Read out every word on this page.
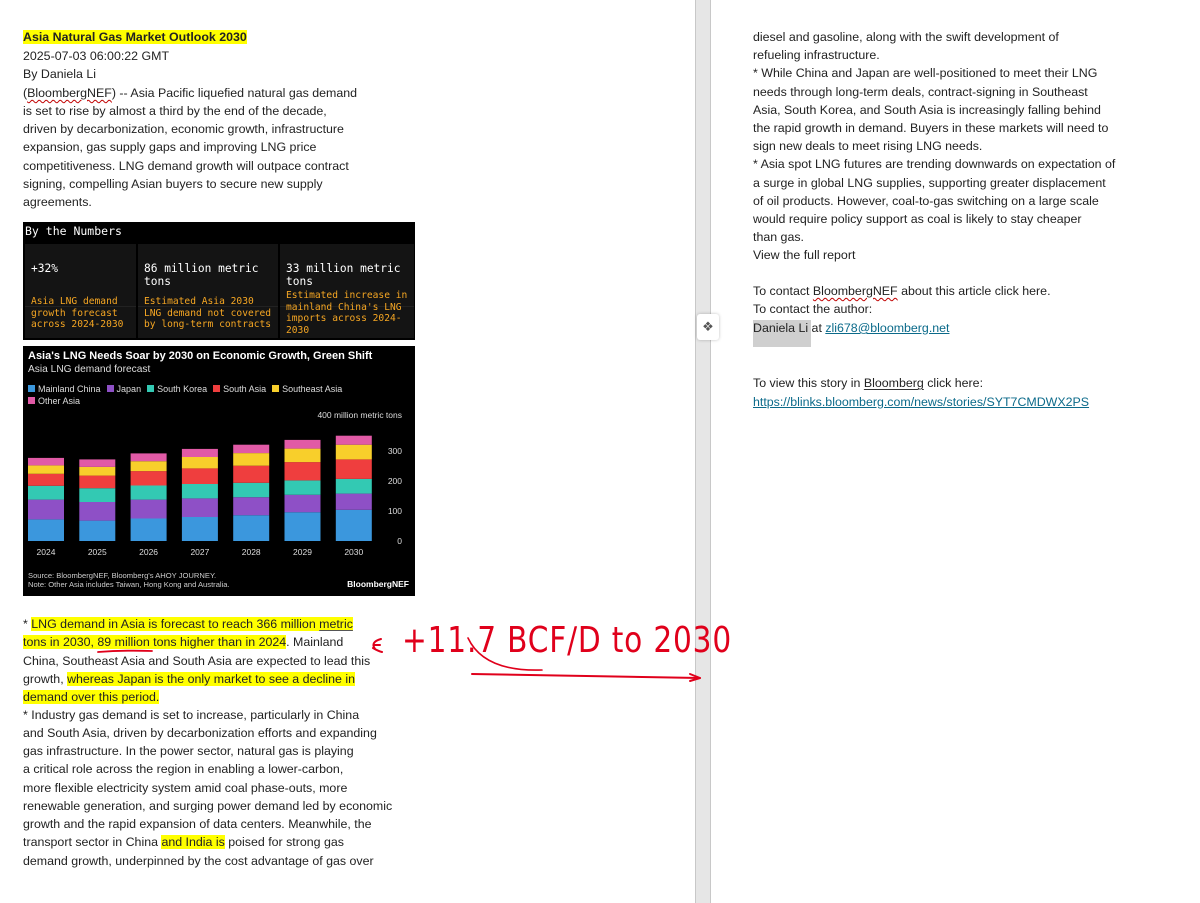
❖
Asia Natural Gas Market Outlook 2030
2025-07-03 06:00:22 GMT
By Daniela Li
(BloombergNEF) -- Asia Pacific liquefied natural gas demand
is set to rise by almost a third by the end of the decade,
driven by decarbonization, economic growth, infrastructure
expansion, gas supply gaps and improving LNG price
competitiveness. LNG demand growth will outpace contract
signing, compelling Asian buyers to secure new supply
agreements.
By the Numbers
+32%
Asia LNG demand growth forecast across 2024-2030
86 million metric tons
Estimated Asia 2030 LNG demand not covered by long-term contracts
33 million metric tons
Estimated increase in mainland China's LNG imports across 2024-2030
Asia's LNG Needs Soar by 2030 on Economic Growth, Green Shift
Asia LNG demand forecast
Mainland China Japan South Korea South Asia Southeast AsiaOther Asia
400 million metric tons
300
200
100
0
2024	2025	2026	2027	2028	2029	2030
Source: BloombergNEF, Bloomberg's AHOY JOURNEY.
Note: Other Asia includes Taiwan, Hong Kong and Australia.	BloombergNEF
* LNG demand in Asia is forecast to reach 366 million metric
tons in 2030, 89 million tons higher than in 2024. Mainland
China, Southeast Asia and South Asia are expected to lead this
growth, whereas Japan is the only market to see a decline in
demand over this period.
* Industry gas demand is set to increase, particularly in China
and South Asia, driven by decarbonization efforts and expanding
gas infrastructure. In the power sector, natural gas is playing
a critical role across the region in enabling a lower-carbon,
more flexible electricity system amid coal phase-outs, more
renewable generation, and surging power demand led by economic
growth and the rapid expansion of data centers. Meanwhile, the
transport sector in China and India is poised for strong gas
demand growth, underpinned by the cost advantage of gas over
+11.7 BCF/D to 2030
diesel and gasoline, along with the swift development of
refueling infrastructure.
* While China and Japan are well-positioned to meet their LNG
needs through long-term deals, contract-signing in Southeast
Asia, South Korea, and South Asia is increasingly falling behind
the rapid growth in demand. Buyers in these markets will need to
sign new deals to meet rising LNG needs.
* Asia spot LNG futures are trending downwards on expectation of
a surge in global LNG supplies, supporting greater displacement
of oil products. However, coal-to-gas switching on a large scale
would require policy support as coal is likely to stay cheaper
than gas.
View the full report
To contact BloombergNEF about this article click here.
To contact the author:
Daniela Li at zli678@bloomberg.net
To view this story in Bloomberg click here:
https://blinks.bloomberg.com/news/stories/SYT7CMDWX2PS
